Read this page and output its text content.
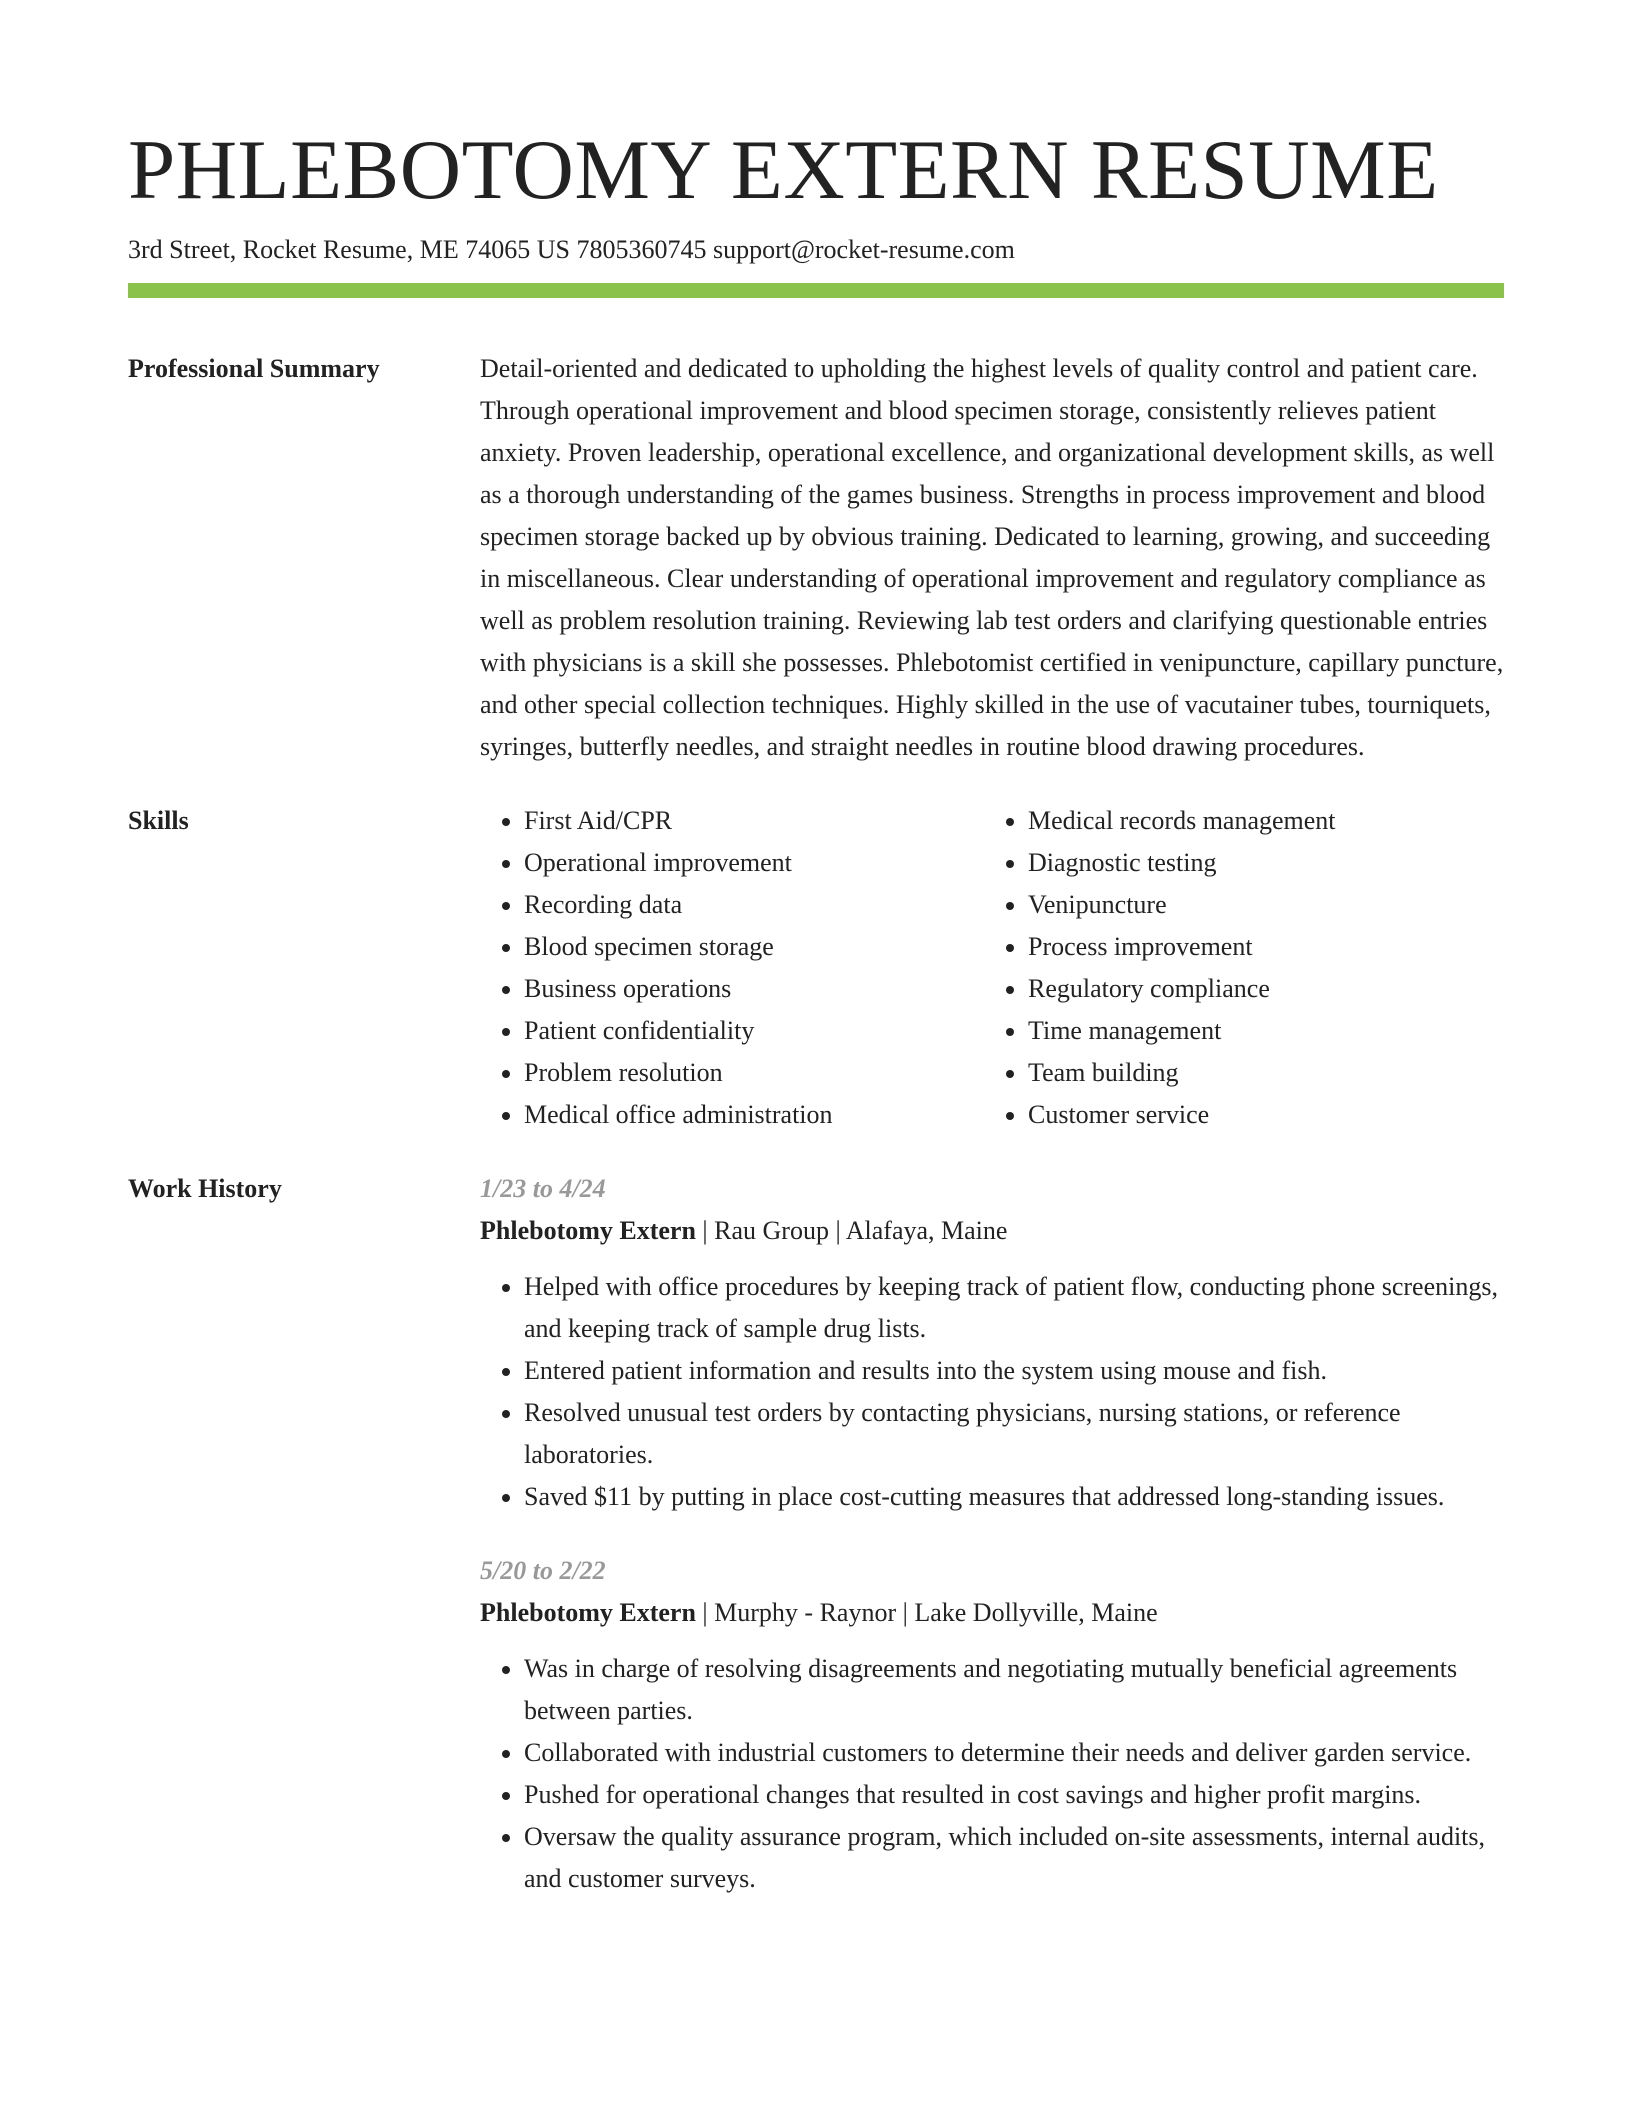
PHLEBOTOMY EXTERN RESUME
3rd Street, Rocket Resume, ME 74065 US 7805360745 support@rocket-resume.com
Professional Summary	Detail-oriented and dedicated to upholding the highest levels of quality control and patient care. Through operational improvement and blood specimen storage, consistently relieves patient anxiety. Proven leadership, operational excellence, and organizational development skills, as well as a thorough understanding of the games business. Strengths in process improvement and blood specimen storage backed up by obvious training. Dedicated to learning, growing, and succeeding in miscellaneous. Clear understanding of operational improvement and regulatory compliance as well as problem resolution training. Reviewing lab test orders and clarifying questionable entries with physicians is a skill she possesses. Phlebotomist certified in venipuncture, capillary puncture, and other special collection techniques. Highly skilled in the use of vacutainer tubes, tourniquets, syringes, butterfly needles, and straight needles in routine blood drawing procedures.
Skills	• First Aid/CPR
• Operational improvement
• Recording data
• Blood specimen storage
• Business operations
• Patient confidentiality
• Problem resolution
• Medical office administration
• Medical records management
• Diagnostic testing
• Venipuncture
• Process improvement
• Regulatory compliance
• Time management
• Team building
• Customer service
Work History	1/23 to 4/24
Phlebotomy Extern | Rau Group | Alafaya, Maine
• Helped with office procedures by keeping track of patient flow, conducting phone screenings, and keeping track of sample drug lists.
• Entered patient information and results into the system using mouse and fish.
• Resolved unusual test orders by contacting physicians, nursing stations, or reference laboratories.
• Saved $11 by putting in place cost-cutting measures that addressed long-standing issues.
5/20 to 2/22
Phlebotomy Extern | Murphy - Raynor | Lake Dollyville, Maine
• Was in charge of resolving disagreements and negotiating mutually beneficial agreements between parties.
• Collaborated with industrial customers to determine their needs and deliver garden service.
• Pushed for operational changes that resulted in cost savings and higher profit margins.
• Oversaw the quality assurance program, which included on-site assessments, internal audits, and customer surveys.
